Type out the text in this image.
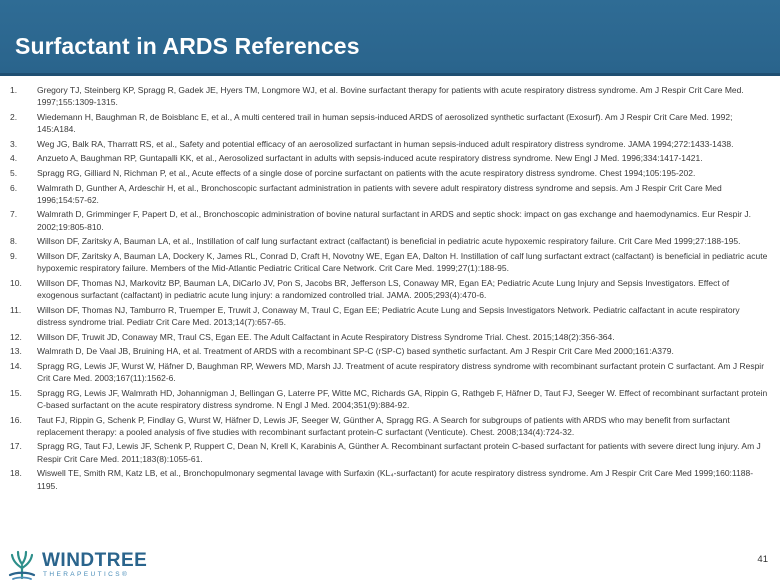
Surfactant in ARDS References
1.	Gregory TJ, Steinberg KP, Spragg R, Gadek JE, Hyers TM, Longmore WJ, et al. Bovine surfactant therapy for patients with acute respiratory distress syndrome. Am J Respir Crit Care Med. 1997;155:1309-1315.
2.	Wiedemann H, Baughman R, de Boisblanc E, et al., A multi centered trail in human sepsis-induced ARDS of aerosolized synthetic surfactant (Exosurf). Am J Respir Crit Care Med. 1992; 145:A184.
3.	Weg JG, Balk RA, Tharratt RS, et al., Safety and potential efficacy of an aerosolized surfactant in human sepsis-induced adult respiratory distress syndrome. JAMA 1994;272:1433-1438.
4.	Anzueto A, Baughman RP, Guntapalli KK, et al., Aerosolized surfactant in adults with sepsis-induced acute respiratory distress syndrome. New Engl J Med. 1996;334:1417-1421.
5.	Spragg RG, Gilliard N, Richman P, et al., Acute effects of a single dose of porcine surfactant on patients with the acute respiratory distress syndrome. Chest 1994;105:195-202.
6.	Walmrath D, Gunther A, Ardeschir H, et al., Bronchoscopic surfactant administration in patients with severe adult respiratory distress syndrome and sepsis. Am J Respir Crit Care Med 1996;154:57-62.
7.	Walmrath D, Grimminger F, Papert D, et al., Bronchoscopic administration of bovine natural surfactant in ARDS and septic shock: impact on gas exchange and haemodynamics. Eur Respir J. 2002;19:805-810.
8.	Willson DF, Zaritsky A, Bauman LA, et al., Instillation of calf lung surfactant extract (calfactant) is beneficial in pediatric acute hypoxemic respiratory failure. Crit Care Med 1999;27:188-195.
9.	Willson DF, Zaritsky A, Bauman LA, Dockery K, James RL, Conrad D, Craft H, Novotny WE, Egan EA, Dalton H. Instillation of calf lung surfactant extract (calfactant) is beneficial in pediatric acute hypoxemic respiratory failure. Members of the Mid-Atlantic Pediatric Critical Care Network. Crit Care Med. 1999;27(1):188-95.
10.	Willson DF, Thomas NJ, Markovitz BP, Bauman LA, DiCarlo JV, Pon S, Jacobs BR, Jefferson LS, Conaway MR, Egan EA; Pediatric Acute Lung Injury and Sepsis Investigators. Effect of exogenous surfactant (calfactant) in pediatric acute lung injury: a randomized controlled trial. JAMA. 2005;293(4):470-6.
11.	Willson DF, Thomas NJ, Tamburro R, Truemper E, Truwit J, Conaway M, Traul C, Egan EE; Pediatric Acute Lung and Sepsis Investigators Network. Pediatric calfactant in acute respiratory distress syndrome trial. Pediatr Crit Care Med. 2013;14(7):657-65.
12.	Willson DF, Truwit JD, Conaway MR, Traul CS, Egan EE. The Adult Calfactant in Acute Respiratory Distress Syndrome Trial. Chest. 2015;148(2):356-364.
13.	Walmrath D, De Vaal JB, Bruining HA, et al. Treatment of ARDS with a recombinant SP-C (rSP-C) based synthetic surfactant. Am J Respir Crit Care Med 2000;161:A379.
14.	Spragg RG, Lewis JF, Wurst W, Häfner D, Baughman RP, Wewers MD, Marsh JJ. Treatment of acute respiratory distress syndrome with recombinant surfactant protein C surfactant. Am J Respir Crit Care Med. 2003;167(11):1562-6.
15.	Spragg RG, Lewis JF, Walmrath HD, Johannigman J, Bellingan G, Laterre PF, Witte MC, Richards GA, Rippin G, Rathgeb F, Häfner D, Taut FJ, Seeger W. Effect of recombinant surfactant protein C-based surfactant on the acute respiratory distress syndrome. N Engl J Med. 2004;351(9):884-92.
16.	Taut FJ, Rippin G, Schenk P, Findlay G, Wurst W, Häfner D, Lewis JF, Seeger W, Günther A, Spragg RG. A Search for subgroups of patients with ARDS who may benefit from surfactant replacement therapy: a pooled analysis of five studies with recombinant surfactant protein-C surfactant (Venticute). Chest. 2008;134(4):724-32.
17.	Spragg RG, Taut FJ, Lewis JF, Schenk P, Ruppert C, Dean N, Krell K, Karabinis A, Günther A. Recombinant surfactant protein C-based surfactant for patients with severe direct lung injury. Am J Respir Crit Care Med. 2011;183(8):1055-61.
18.	Wiswell TE, Smith RM, Katz LB, et al., Bronchopulmonary segmental lavage with Surfaxin (KL₄-surfactant) for acute respiratory distress syndrome. Am J Respir Crit Care Med 1999;160:1188-1195.
WINDTREE
THERAPEUTICS®
41
